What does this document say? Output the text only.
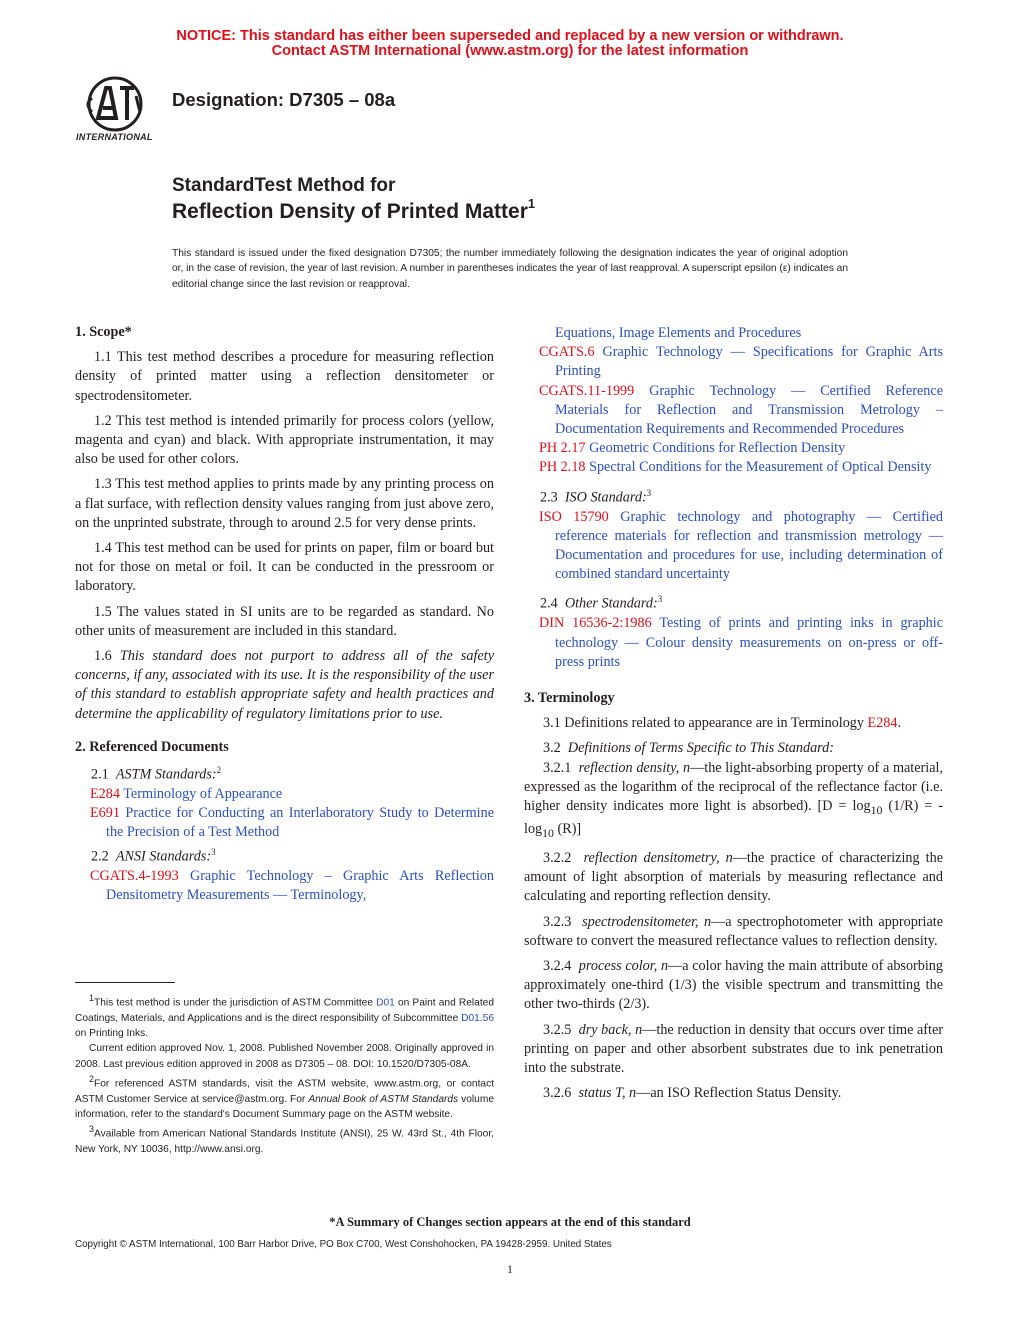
NOTICE: This standard has either been superseded and replaced by a new version or withdrawn.
Contact ASTM International (www.astm.org) for the latest information
INTERNATIONAL
Designation: D7305 – 08a
StandardTest Method for
Reflection Density of Printed Matter$^1$
This standard is issued under the fixed designation D7305; the number immediately following the designation indicates the year of original adoption or, in the case of revision, the year of last revision. A number in parentheses indicates the year of last reapproval. A superscript epsilon (ε) indicates an editorial change since the last revision or reapproval.
1. Scope*

1.1 This test method describes a procedure for measuring reflection density of printed matter using a reflection densitometer or spectrodensitometer.

1.2 This test method is intended primarily for process colors (yellow, magenta and cyan) and black. With appropriate instrumentation, it may also be used for other colors.

1.3 This test method applies to prints made by any printing process on a flat surface, with reflection density values ranging from just above zero, on the unprinted substrate, through to around 2.5 for very dense prints.

1.4 This test method can be used for prints on paper, film or board but not for those on metal or foil. It can be conducted in the pressroom or laboratory.

1.5 The values stated in SI units are to be regarded as standard. No other units of measurement are included in this standard.

1.6 This standard does not purport to address all of the safety concerns, if any, associated with its use. It is the responsibility of the user of this standard to establish appropriate safety and health practices and determine the applicability of regulatory limitations prior to use.

2. Referenced Documents

2.1 ASTM Standards:$^2$

E284 Terminology of Appearance

E691 Practice for Conducting an Interlaboratory Study to Determine the Precision of a Test Method

2.2 ANSI Standards:$^3$

CGATS.4-1993 Graphic Technology – Graphic Arts Reflection Densitometry Measurements — Terminology,

$^1$This test method is under the jurisdiction of ASTM Committee D01 on Paint and Related Coatings, Materials, and Applications and is the direct responsibility of Subcommittee D01.56 on Printing Inks.

Current edition approved Nov. 1, 2008. Published November 2008. Originally approved in 2008. Last previous edition approved in 2008 as D7305 – 08. DOI: 10.1520/D7305-08A.

$^2$For referenced ASTM standards, visit the ASTM website, www.astm.org, or contact ASTM Customer Service at service@astm.org. For Annual Book of ASTM Standards volume information, refer to the standard's Document Summary page on the ASTM website.

$^3$Available from American National Standards Institute (ANSI), 25 W. 43rd St., 4th Floor, New York, NY 10036, http://www.ansi.org.

Equations, Image Elements and Procedures

CGATS.6 Graphic Technology — Specifications for Graphic Arts Printing

CGATS.11-1999 Graphic Technology — Certified Reference Materials for Reflection and Transmission Metrology – Documentation Requirements and Recommended Procedures

PH 2.17 Geometric Conditions for Reflection Density

PH 2.18 Spectral Conditions for the Measurement of Optical Density

2.3 ISO Standard:$^3$

ISO 15790 Graphic technology and photography — Certified reference materials for reflection and transmission metrology — Documentation and procedures for use, including determination of combined standard uncertainty

2.4 Other Standard:$^3$

DIN 16536-2:1986 Testing of prints and printing inks in graphic technology — Colour density measurements on on-press or off-press prints

3. Terminology

3.1 Definitions related to appearance are in Terminology E284.

3.2 Definitions of Terms Specific to This Standard:

3.2.1 reflection density, n—the light-absorbing property of a material, expressed as the logarithm of the reciprocal of the reflectance factor (i.e. higher density indicates more light is absorbed). [$D = \log_{10} (1/R) = -\log_{10}$ (R)]

3.2.2 reflection densitometry, n—the practice of characterizing the amount of light absorption of materials by measuring reflectance and calculating and reporting reflection density.

3.2.3 spectrodensitometer, n—a spectrophotometer with appropriate software to convert the measured reflectance values to reflection density.

3.2.4 process color, n—a color having the main attribute of absorbing approximately one-third (1/3) the visible spectrum and transmitting the other two-thirds (2/3).

3.2.5 dry back, n—the reduction in density that occurs over time after printing on paper and other absorbent substrates due to ink penetration into the substrate.

3.2.6 status T, n—an ISO Reflection Status Density.

*A Summary of Changes section appears at the end of this standard
Copyright © ASTM International, 100 Barr Harbor Drive, PO Box C700, West Conshohocken, PA 19428-2959. United States
1
